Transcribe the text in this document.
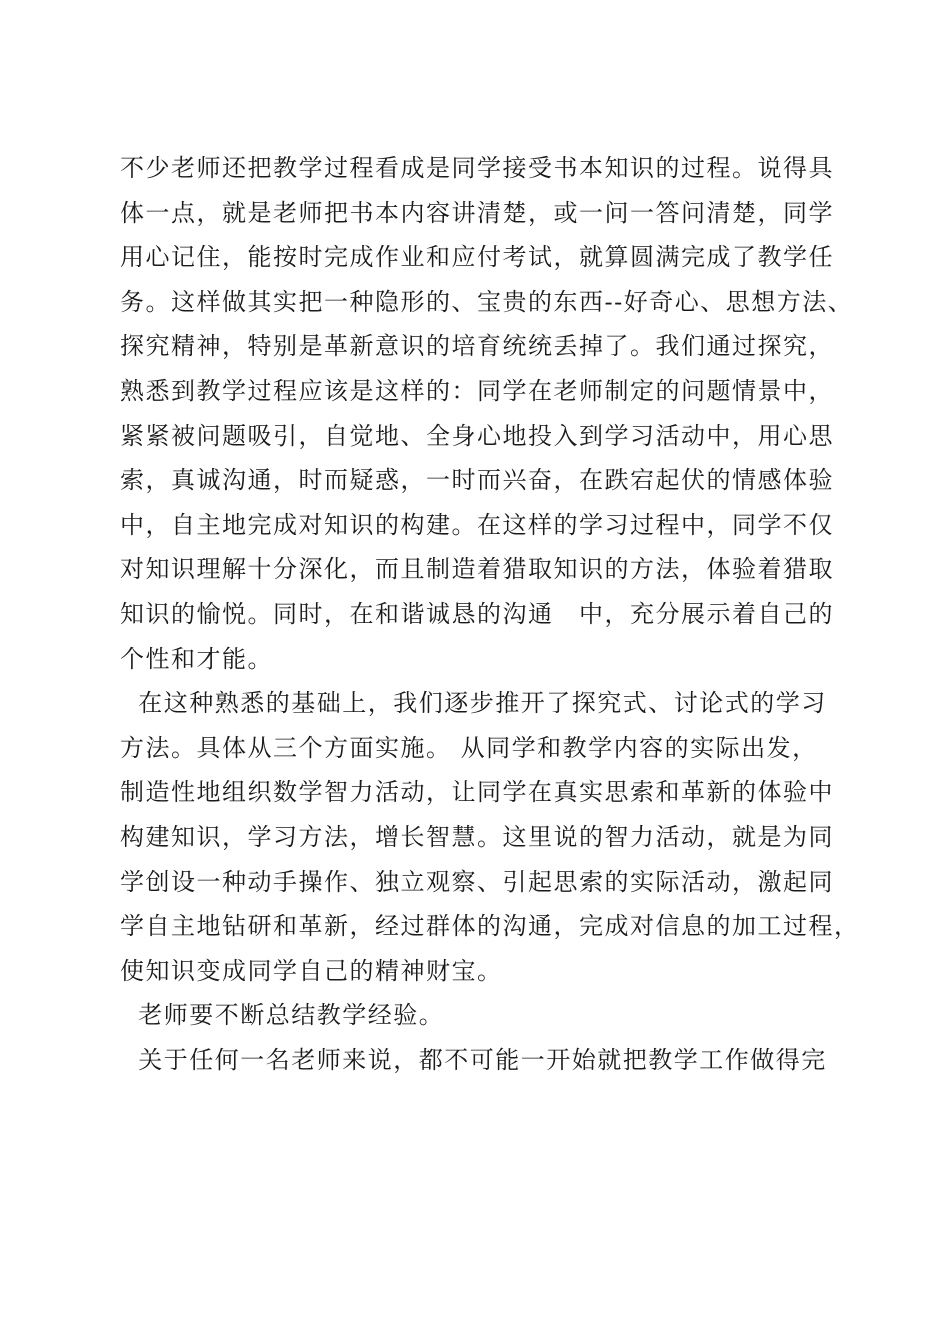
不少老师还把教学过程看成是同学接受书本知识的过程。说得具
体一点，就是老师把书本内容讲清楚，或一问一答问清楚，同学
用心记住，能按时完成作业和应付考试，就算圆满完成了教学任
务。这样做其实把一种隐形的、宝贵的东西--好奇心、思想方法、
探究精神，特别是革新意识的培育统统丢掉了。我们通过探究，
熟悉到教学过程应该是这样的：同学在老师制定的问题情景中，
紧紧被问题吸引，自觉地、全身心地投入到学习活动中，用心思
索，真诚沟通，时而疑惑，一时而兴奋，在跌宕起伏的情感体验
中，自主地完成对知识的构建。在这样的学习过程中，同学不仅
对知识理解十分深化，而且制造着猎取知识的方法，体验着猎取
知识的愉悦。同时，在和谐诚恳的沟通　中，充分展示着自己的
个性和才能。
在这种熟悉的基础上，我们逐步推开了探究式、讨论式的学习
方法。具体从三个方面实施。 从同学和教学内容的实际出发，
制造性地组织数学智力活动，让同学在真实思索和革新的体验中
构建知识，学习方法，增长智慧。这里说的智力活动，就是为同
学创设一种动手操作、独立观察、引起思索的实际活动，激起同
学自主地钻研和革新，经过群体的沟通，完成对信息的加工过程，
使知识变成同学自己的精神财宝。
老师要不断总结教学经验。
关于任何一名老师来说，都不可能一开始就把教学工作做得完
